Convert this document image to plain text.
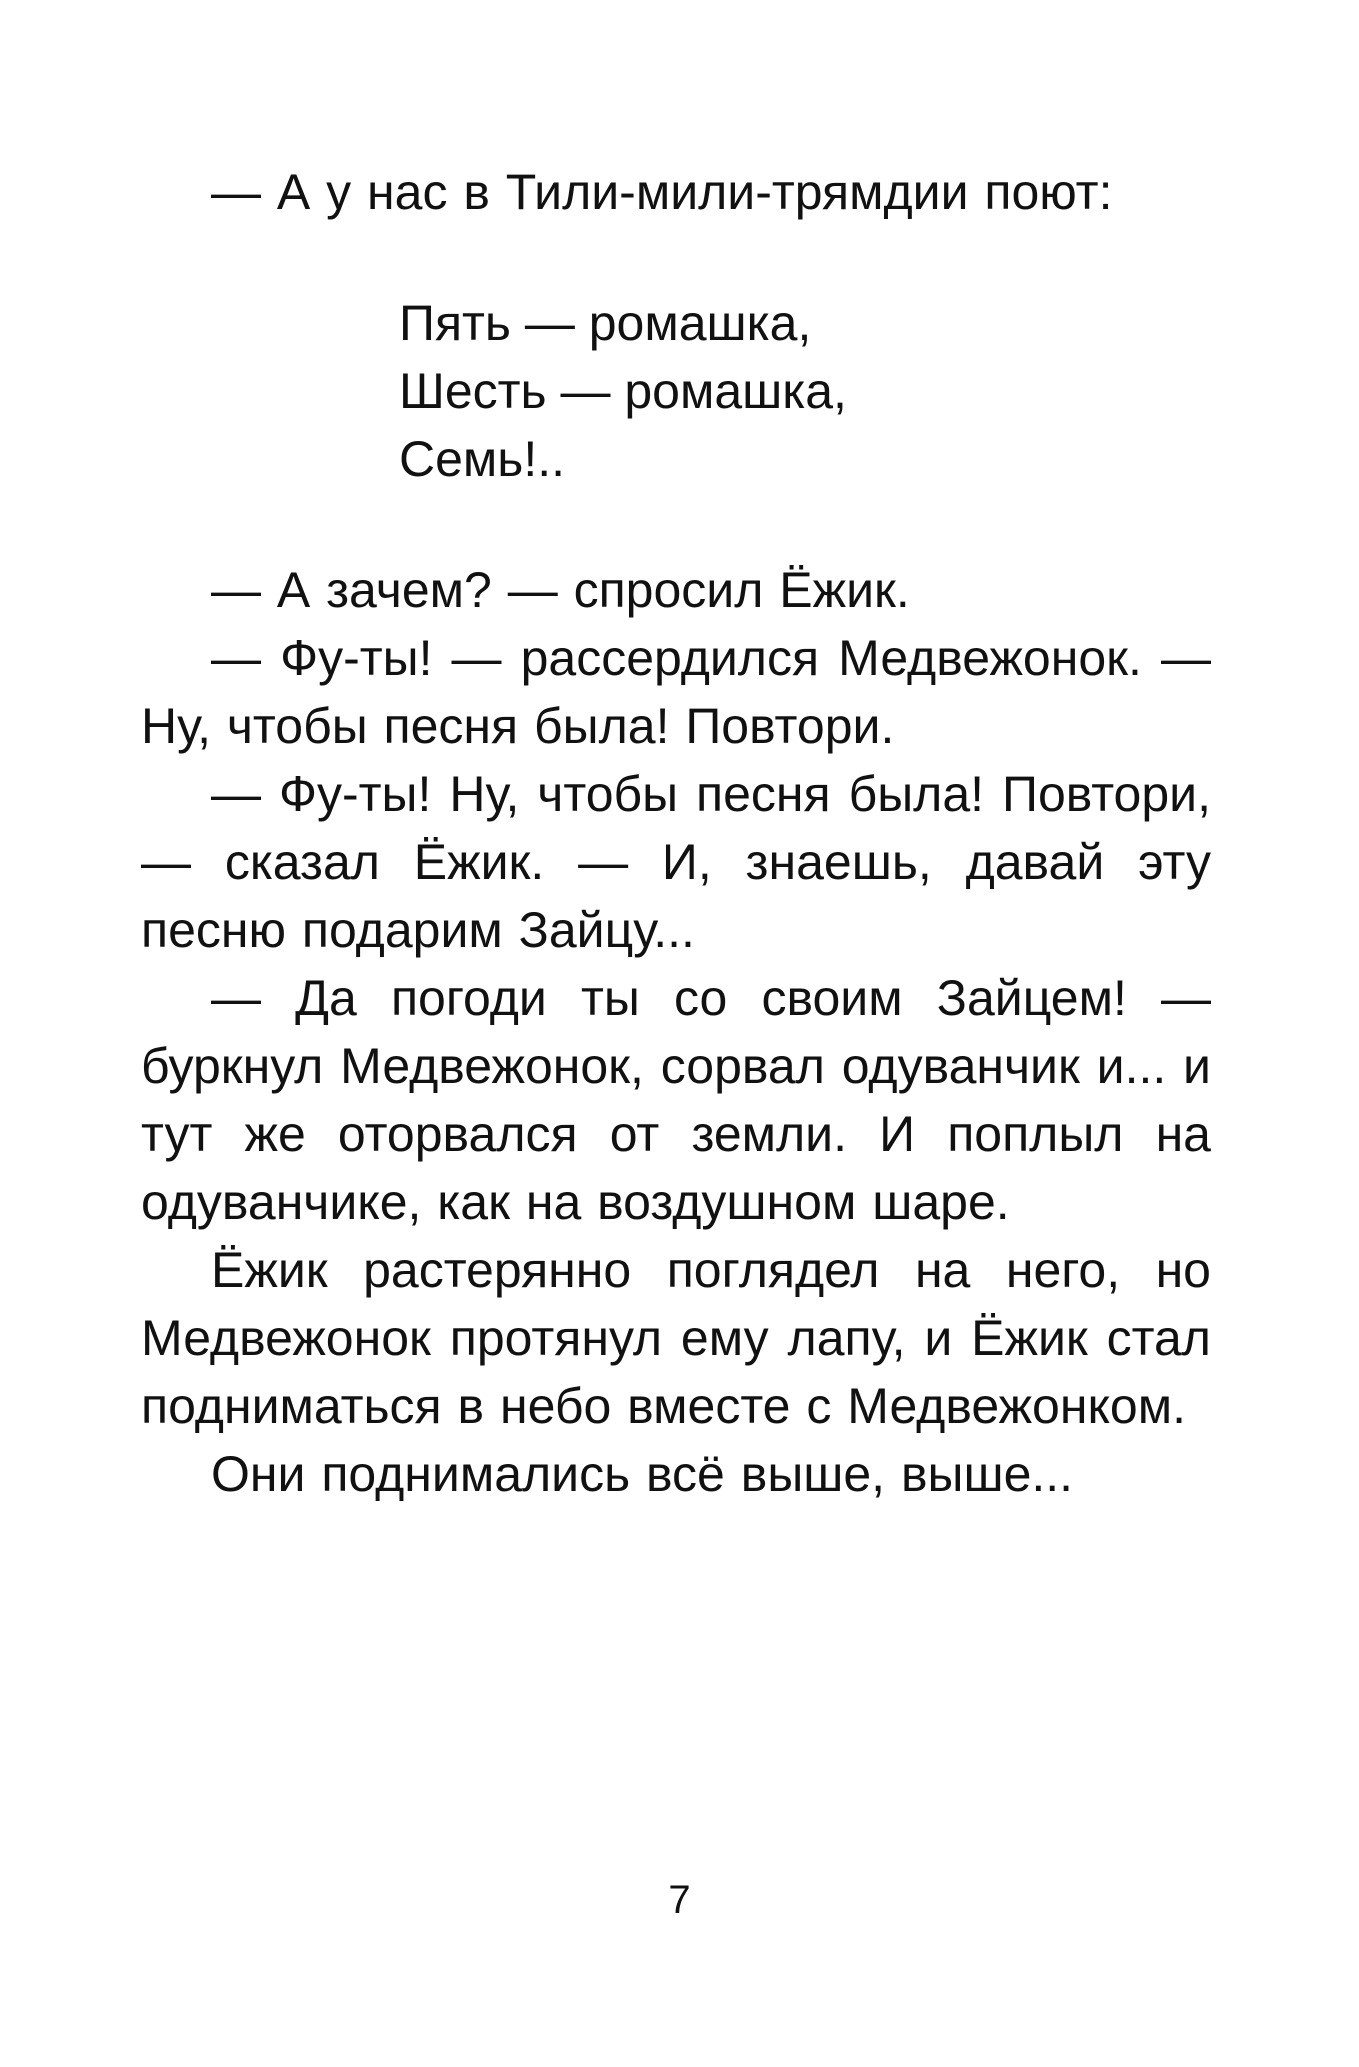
— А у нас в Тили-мили-трямдии поют:

Пять — ромашка,
Шесть — ромашка,
Семь!..

— А зачем? — спросил Ёжик.

— Фу-ты! — рассердился Медвежонок. — Ну, чтобы песня была! Повтори.

— Фу-ты! Ну, чтобы песня была! Повтори, — сказал Ёжик. — И, знаешь, давай эту песню подарим Зайцу...

— Да погоди ты со своим Зайцем! — буркнул Медвежонок, сорвал одуванчик и... и тут же оторвался от земли. И поплыл на одуванчике, как на воздушном шаре.

Ёжик растерянно поглядел на него, но Медвежонок протянул ему лапу, и Ёжик стал подниматься в небо вместе с Медвежонком.

Они поднимались всё выше, выше...

7
